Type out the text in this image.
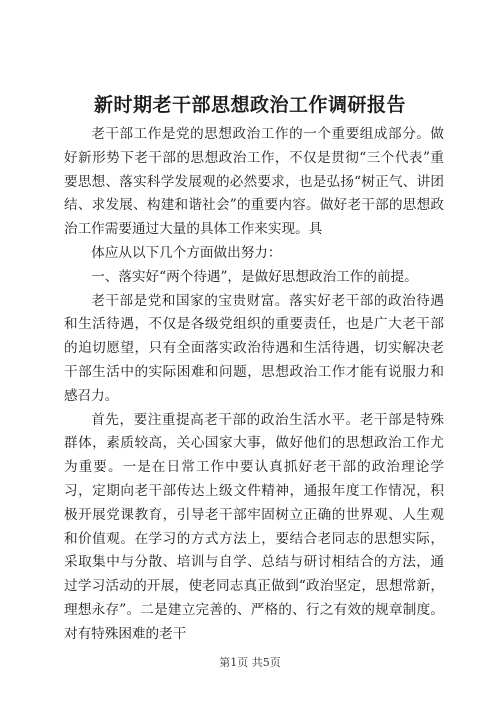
新时期老干部思想政治工作调研报告

老干部工作是党的思想政治工作的一个重要组成部分。做好新形势下老干部的思想政治工作，不仅是贯彻“三个代表”重要思想、落实科学发展观的必然要求，也是弘扬“树正气、讲团结、求发展、构建和谐社会”的重要内容。做好老干部的思想政治工作需要通过大量的具体工作来实现。具

体应从以下几个方面做出努力：

一、落实好“两个待遇”，是做好思想政治工作的前提。

老干部是党和国家的宝贵财富。落实好老干部的政治待遇和生活待遇，不仅是各级党组织的重要责任，也是广大老干部的迫切愿望，只有全面落实政治待遇和生活待遇，切实解决老干部生活中的实际困难和问题，思想政治工作才能有说服力和感召力。

首先，要注重提高老干部的政治生活水平。老干部是特殊群体，素质较高，关心国家大事，做好他们的思想政治工作尤为重要。一是在日常工作中要认真抓好老干部的政治理论学习，定期向老干部传达上级文件精神，通报年度工作情况，积极开展党课教育，引导老干部牢固树立正确的世界观、人生观和价值观。在学习的方式方法上，要结合老同志的思想实际，采取集中与分散、培训与自学、总结与研讨相结合的方法，通过学习活动的开展，使老同志真正做到“政治坚定，思想常新，理想永存”。二是建立完善的、严格的、行之有效的规章制度。对有特殊困难的老干

第1页 共5页
